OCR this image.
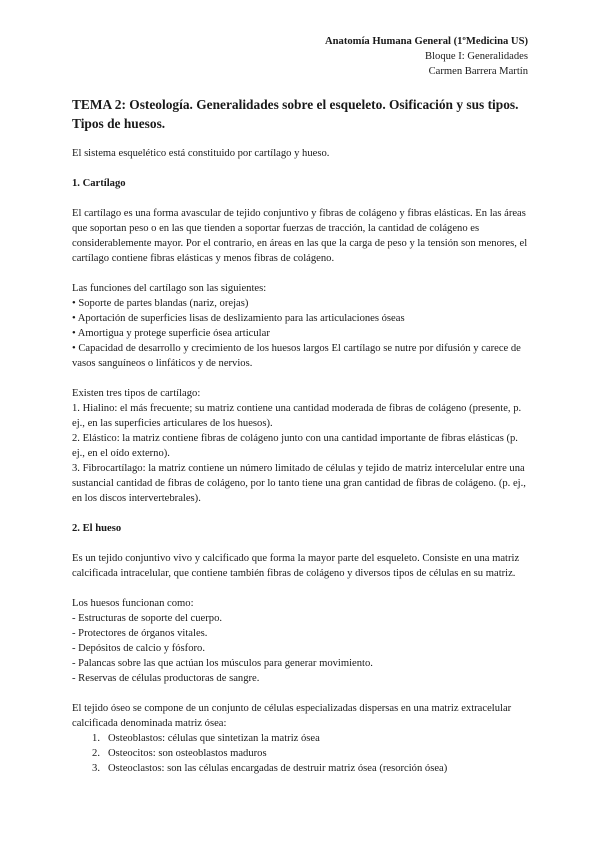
Anatomía Humana General (1ºMedicina US)
Bloque I: Generalidades
Carmen Barrera Martín
TEMA 2: Osteología. Generalidades sobre el esqueleto. Osificación y sus tipos. Tipos de huesos.

El sistema esquelético está constituido por cartílago y hueso.

1. Cartílago

El cartílago es una forma avascular de tejido conjuntivo y fibras de colágeno y fibras elásticas. En las áreas que soportan peso o en las que tienden a soportar fuerzas de tracción, la cantidad de colágeno es considerablemente mayor. Por el contrario, en áreas en las que la carga de peso y la tensión son menores, el cartílago contiene fibras elásticas y menos fibras de colágeno.

Las funciones del cartílago son las siguientes:

• Soporte de partes blandas (nariz, orejas)

• Aportación de superficies lisas de deslizamiento para las articulaciones óseas

• Amortigua y protege superficie ósea articular

• Capacidad de desarrollo y crecimiento de los huesos largos El cartílago se nutre por difusión y carece de vasos sanguíneos o linfáticos y de nervios.

Existen tres tipos de cartílago:

1. Hialino: el más frecuente; su matriz contiene una cantidad moderada de fibras de colágeno (presente, p. ej., en las superficies articulares de los huesos).

2. Elástico: la matriz contiene fibras de colágeno junto con una cantidad importante de fibras elásticas (p. ej., en el oído externo).

3. Fibrocartílago: la matriz contiene un número limitado de células y tejido de matriz intercelular entre una sustancial cantidad de fibras de colágeno, por lo tanto tiene una gran cantidad de fibras de colágeno. (p. ej., en los discos intervertebrales).

2. El hueso

Es un tejido conjuntivo vivo y calcificado que forma la mayor parte del esqueleto. Consiste en una matriz calcificada intracelular, que contiene también fibras de colágeno y diversos tipos de células en su matriz.

Los huesos funcionan como:

- Estructuras de soporte del cuerpo.

- Protectores de órganos vitales.

- Depósitos de calcio y fósforo.

- Palancas sobre las que actúan los músculos para generar movimiento.

- Reservas de células productoras de sangre.

El tejido óseo se compone de un conjunto de células especializadas dispersas en una matriz extracelular calcificada denominada matriz ósea:

1. Osteoblastos: células que sintetizan la matriz ósea
2. Osteocitos: son osteoblastos maduros
3. Osteoclastos: son las células encargadas de destruir matriz ósea (resorción ósea)
